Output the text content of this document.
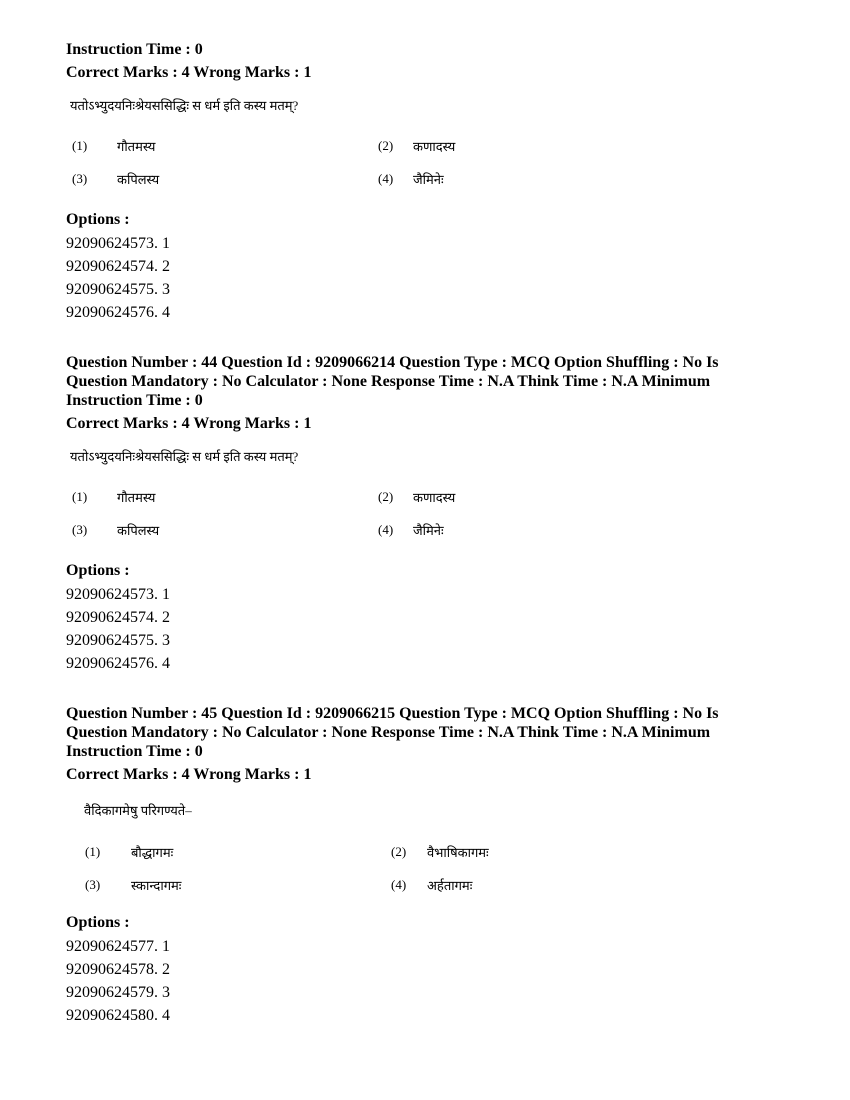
Instruction Time : 0
Correct Marks : 4 Wrong Marks : 1
यतोऽभ्युदयनिःश्रेयससिद्धिः स धर्म इति कस्य मतम्?
(1) गौतमस्य	(2) कणादस्य
(3) कपिलस्य	(4) जैमिनेः
Options :
92090624573. 1
92090624574. 2
92090624575. 3
92090624576. 4
Question Number : 44 Question Id : 9209066214 Question Type : MCQ Option Shuffling : No Is
Question Mandatory : No Calculator : None Response Time : N.A Think Time : N.A Minimum
Instruction Time : 0
Correct Marks : 4 Wrong Marks : 1
यतोऽभ्युदयनिःश्रेयससिद्धिः स धर्म इति कस्य मतम्?
(1) गौतमस्य	(2) कणादस्य
(3) कपिलस्य	(4) जैमिनेः
Options :
92090624573. 1
92090624574. 2
92090624575. 3
92090624576. 4
Question Number : 45 Question Id : 9209066215 Question Type : MCQ Option Shuffling : No Is
Question Mandatory : No Calculator : None Response Time : N.A Think Time : N.A Minimum
Instruction Time : 0
Correct Marks : 4 Wrong Marks : 1
वैदिकागमेषु परिगण्यते–
(1) बौद्धागमः	(2) वैभाषिकागमः
(3) स्कान्दागमः	(4) अर्हतागमः
Options :
92090624577. 1
92090624578. 2
92090624579. 3
92090624580. 4
